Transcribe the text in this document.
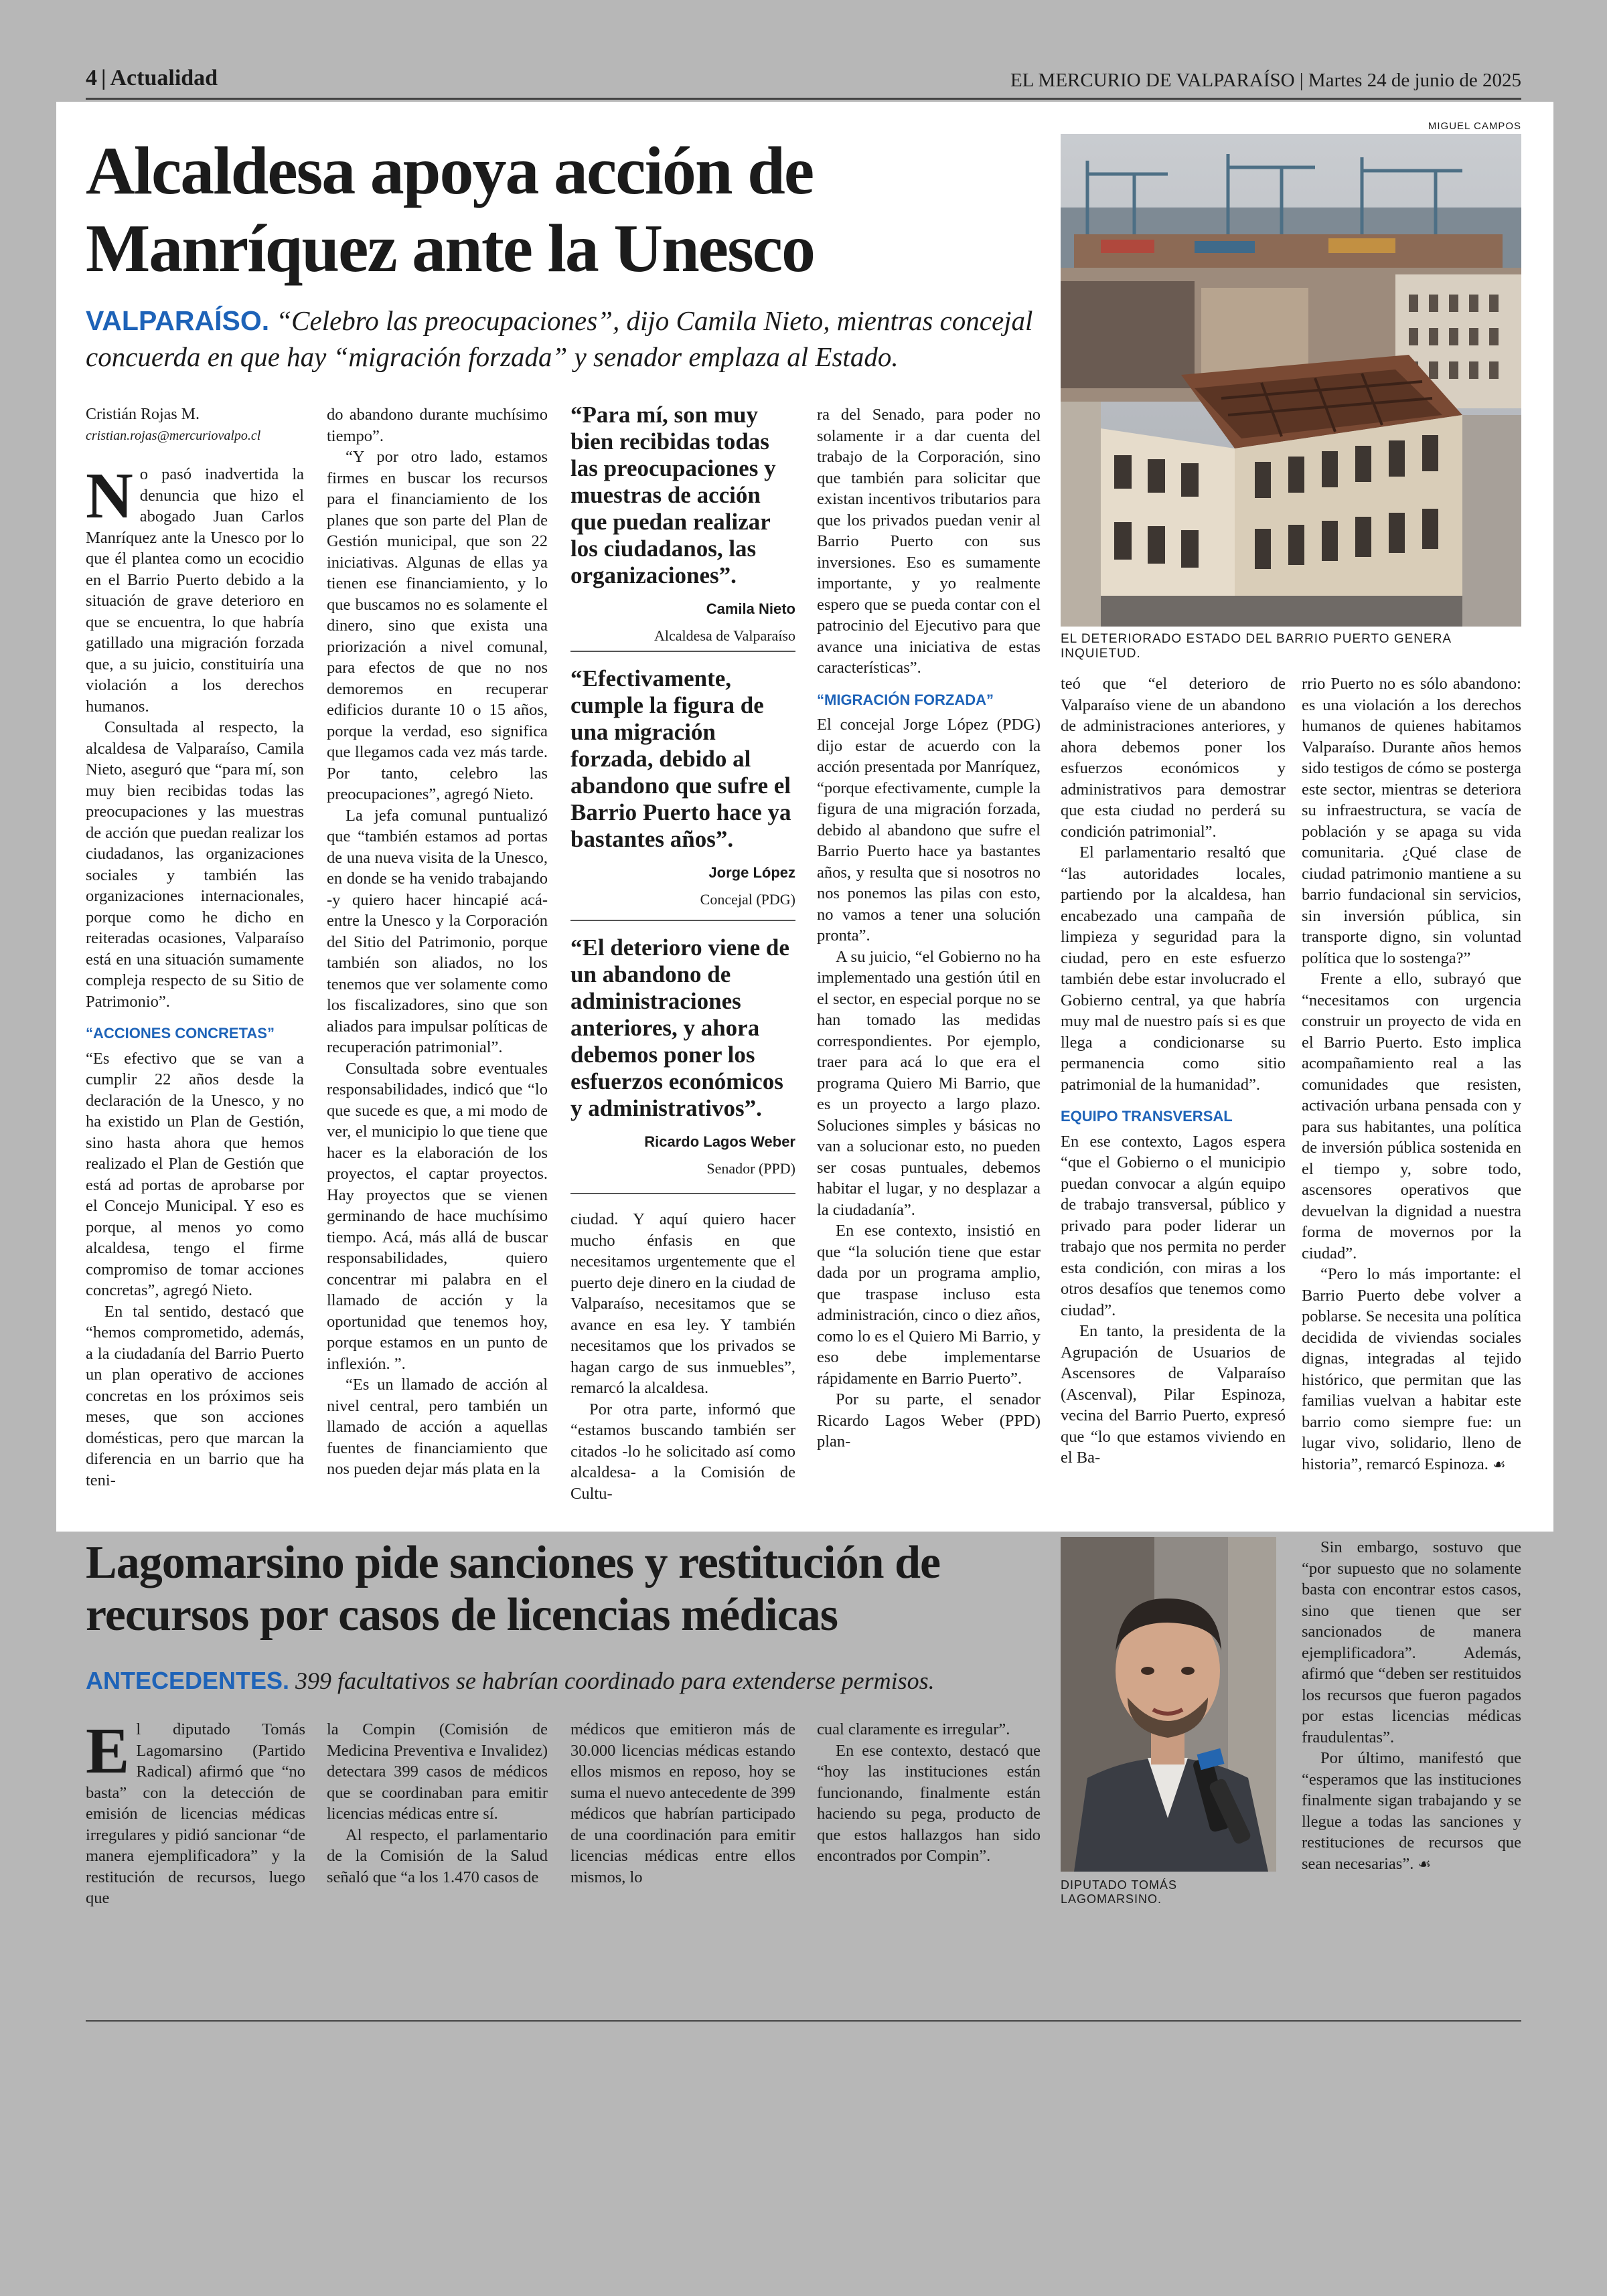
4 | Actualidad	EL MERCURIO DE VALPARAÍSO | Martes 24 de junio de 2025
Alcaldesa apoya acción de Manríquez ante la Unesco
VALPARAÍSO. “Celebro las preocupaciones”, dijo Camila Nieto, mientras concejal concuerda en que hay “migración forzada” y senador emplaza al Estado.
MIGUEL CAMPOS
EL DETERIORADO ESTADO DEL BARRIO PUERTO GENERA INQUIETUD.
Cristián Rojas M.
cristian.rojas@mercuriovalpo.cl

No pasó inadvertida la denuncia que hizo el abogado Juan Carlos Manríquez ante la Unesco por lo que él plantea como un ecocidio en el Barrio Puerto debido a la situación de grave deterioro en que se encuentra, lo que habría gatillado una migración forzada que, a su juicio, constituiría una violación a los derechos humanos.

Consultada al respecto, la alcaldesa de Valparaíso, Camila Nieto, aseguró que “para mí, son muy bien recibidas todas las preocupaciones y las muestras de acción que puedan realizar los ciudadanos, las organizaciones sociales y también las organizaciones internacionales, porque como he dicho en reiteradas ocasiones, Valparaíso está en una situación sumamente compleja respecto de su Sitio de Patrimonio”.

“ACCIONES CONCRETAS”

“Es efectivo que se van a cumplir 22 años desde la declaración de la Unesco, y no ha existido un Plan de Gestión, sino hasta ahora que hemos realizado el Plan de Gestión que está ad portas de aprobarse por el Concejo Municipal. Y eso es porque, al menos yo como alcaldesa, tengo el firme compromiso de tomar acciones concretas”, agregó Nieto.

En tal sentido, destacó que “hemos comprometido, además, a la ciudadanía del Barrio Puerto un plan operativo de acciones concretas en los próximos seis meses, que son acciones domésticas, pero que marcan la diferencia en un barrio que ha teni-

do abandono durante muchísimo tiempo”.

“Y por otro lado, estamos firmes en buscar los recursos para el financiamiento de los planes que son parte del Plan de Gestión municipal, que son 22 iniciativas. Algunas de ellas ya tienen ese financiamiento, y lo que buscamos no es solamente el dinero, sino que exista una priorización a nivel comunal, para efectos de que no nos demoremos en recuperar edificios durante 10 o 15 años, porque la verdad, eso significa que llegamos cada vez más tarde. Por tanto, celebro las preocupaciones”, agregó Nieto.

La jefa comunal puntualizó que “también estamos ad portas de una nueva visita de la Unesco, en donde se ha venido trabajando -y quiero hacer hincapié acá- entre la Unesco y la Corporación del Sitio del Patrimonio, porque también son aliados, no los tenemos que ver solamente como los fiscalizadores, sino que son aliados para impulsar políticas de recuperación patrimonial”.

Consultada sobre eventuales responsabilidades, indicó que “lo que sucede es que, a mi modo de ver, el municipio lo que tiene que hacer es la elaboración de los proyectos, el captar proyectos. Hay proyectos que se vienen germinando de hace muchísimo tiempo. Acá, más allá de buscar responsabilidades, quiero concentrar mi palabra en el llamado de acción y la oportunidad que tenemos hoy, porque estamos en un punto de inflexión. ”.

“Es un llamado de acción al nivel central, pero también un llamado de acción a aquellas fuentes de financiamiento que nos pueden dejar más plata en la

“Para mí, son muy bien recibidas todas las preocupaciones y muestras de acción que puedan realizar los ciudadanos, las organizaciones”.
Camila Nieto
Alcaldesa de Valparaíso
“Efectivamente, cumple la figura de una migración forzada, debido al abandono que sufre el Barrio Puerto hace ya bastantes años”.
Jorge López
Concejal (PDG)
“El deterioro viene de un abandono de administraciones anteriores, y ahora debemos poner los esfuerzos económicos y administrativos”.
Ricardo Lagos Weber
Senador (PPD)

ciudad. Y aquí quiero hacer mucho énfasis en que necesitamos urgentemente que el puerto deje dinero en la ciudad de Valparaíso, necesitamos que se avance en esa ley. Y también necesitamos que los privados se hagan cargo de sus inmuebles”, remarcó la alcaldesa.

Por otra parte, informó que “estamos buscando también ser citados -lo he solicitado así como alcaldesa- a la Comisión de Cultu-

ra del Senado, para poder no solamente ir a dar cuenta del trabajo de la Corporación, sino que también para solicitar que existan incentivos tributarios para que los privados puedan venir al Barrio Puerto con sus inversiones. Eso es sumamente importante, y yo realmente espero que se pueda contar con el patrocinio del Ejecutivo para que avance una iniciativa de estas características”.

“MIGRACIÓN FORZADA”

El concejal Jorge López (PDG) dijo estar de acuerdo con la acción presentada por Manríquez, “porque efectivamente, cumple la figura de una migración forzada, debido al abandono que sufre el Barrio Puerto hace ya bastantes años, y resulta que si nosotros no nos ponemos las pilas con esto, no vamos a tener una solución pronta”.

A su juicio, “el Gobierno no ha implementado una gestión útil en el sector, en especial porque no se han tomado las medidas correspondientes. Por ejemplo, traer para acá lo que era el programa Quiero Mi Barrio, que es un proyecto a largo plazo. Soluciones simples y básicas no van a solucionar esto, no pueden ser cosas puntuales, debemos habitar el lugar, y no desplazar a la ciudadanía”.

En ese contexto, insistió en que “la solución tiene que estar dada por un programa amplio, que traspase incluso esta administración, cinco o diez años, como lo es el Quiero Mi Barrio, y eso debe implementarse rápidamente en Barrio Puerto”.

Por su parte, el senador Ricardo Lagos Weber (PPD) plan-

teó que “el deterioro de Valparaíso viene de un abandono de administraciones anteriores, y ahora debemos poner los esfuerzos económicos y administrativos para demostrar que esta ciudad no perderá su condición patrimonial”.

El parlamentario resaltó que “las autoridades locales, partiendo por la alcaldesa, han encabezado una campaña de limpieza y seguridad para la ciudad, pero en este esfuerzo también debe estar involucrado el Gobierno central, ya que habría muy mal de nuestro país si es que llega a condicionarse su permanencia como sitio patrimonial de la humanidad”.

EQUIPO TRANSVERSAL

En ese contexto, Lagos espera “que el Gobierno o el municipio puedan convocar a algún equipo de trabajo transversal, público y privado para poder liderar un trabajo que nos permita no perder esta condición, con miras a los otros desafíos que tenemos como ciudad”.

En tanto, la presidenta de la Agrupación de Usuarios de Ascensores de Valparaíso (Ascenval), Pilar Espinoza, vecina del Barrio Puerto, expresó que “lo que estamos viviendo en el Ba-

rrio Puerto no es sólo abandono: es una violación a los derechos humanos de quienes habitamos Valparaíso. Durante años hemos sido testigos de cómo se posterga este sector, mientras se deteriora su infraestructura, se vacía de población y se apaga su vida comunitaria. ¿Qué clase de ciudad patrimonio mantiene a su barrio fundacional sin servicios, sin inversión pública, sin transporte digno, sin voluntad política que lo sostenga?”

Frente a ello, subrayó que “necesitamos con urgencia construir un proyecto de vida en el Barrio Puerto. Esto implica acompañamiento real a las comunidades que resisten, activación urbana pensada con y para sus habitantes, una política de inversión pública sostenida en el tiempo y, sobre todo, ascensores operativos que devuelvan la dignidad a nuestra forma de movernos por la ciudad”.

“Pero lo más importante: el Barrio Puerto debe volver a poblarse. Se necesita una política decidida de viviendas sociales dignas, integradas al tejido histórico, que permitan que las familias vuelvan a habitar este barrio como siempre fue: un lugar vivo, solidario, lleno de historia”, remarcó Espinoza. ☙

Lagomarsino pide sanciones y restitución de recursos por casos de licencias médicas
ANTECEDENTES. 399 facultativos se habrían coordinado para extenderse permisos.
DIPUTADO TOMÁS LAGOMARSINO.

El diputado Tomás Lagomarsino (Partido Radical) afirmó que “no basta” con la detección de emisión de licencias médicas irregulares y pidió sancionar “de manera ejemplificadora” y la restitución de recursos, luego que

la Compin (Comisión de Medicina Preventiva e Invalidez) detectara 399 casos de médicos que se coordinaban para emitir licencias médicas entre sí.

Al respecto, el parlamentario de la Comisión de la Salud señaló que “a los 1.470 casos de

médicos que emitieron más de 30.000 licencias médicas estando ellos mismos en reposo, hoy se suma el nuevo antecedente de 399 médicos que habrían participado de una coordinación para emitir licencias médicas entre ellos mismos, lo

cual claramente es irregular”.

En ese contexto, destacó que “hoy las instituciones están funcionando, finalmente están haciendo su pega, producto de que estos hallazgos han sido encontrados por Compin”.

Sin embargo, sostuvo que “por supuesto que no solamente basta con encontrar estos casos, sino que tienen que ser sancionados de manera ejemplificadora”. Además, afirmó que “deben ser restituidos los recursos que fueron pagados por estas licencias médicas fraudulentas”.

Por último, manifestó que “esperamos que las instituciones finalmente sigan trabajando y se llegue a todas las sanciones y restituciones de recursos que sean necesarias”. ☙
